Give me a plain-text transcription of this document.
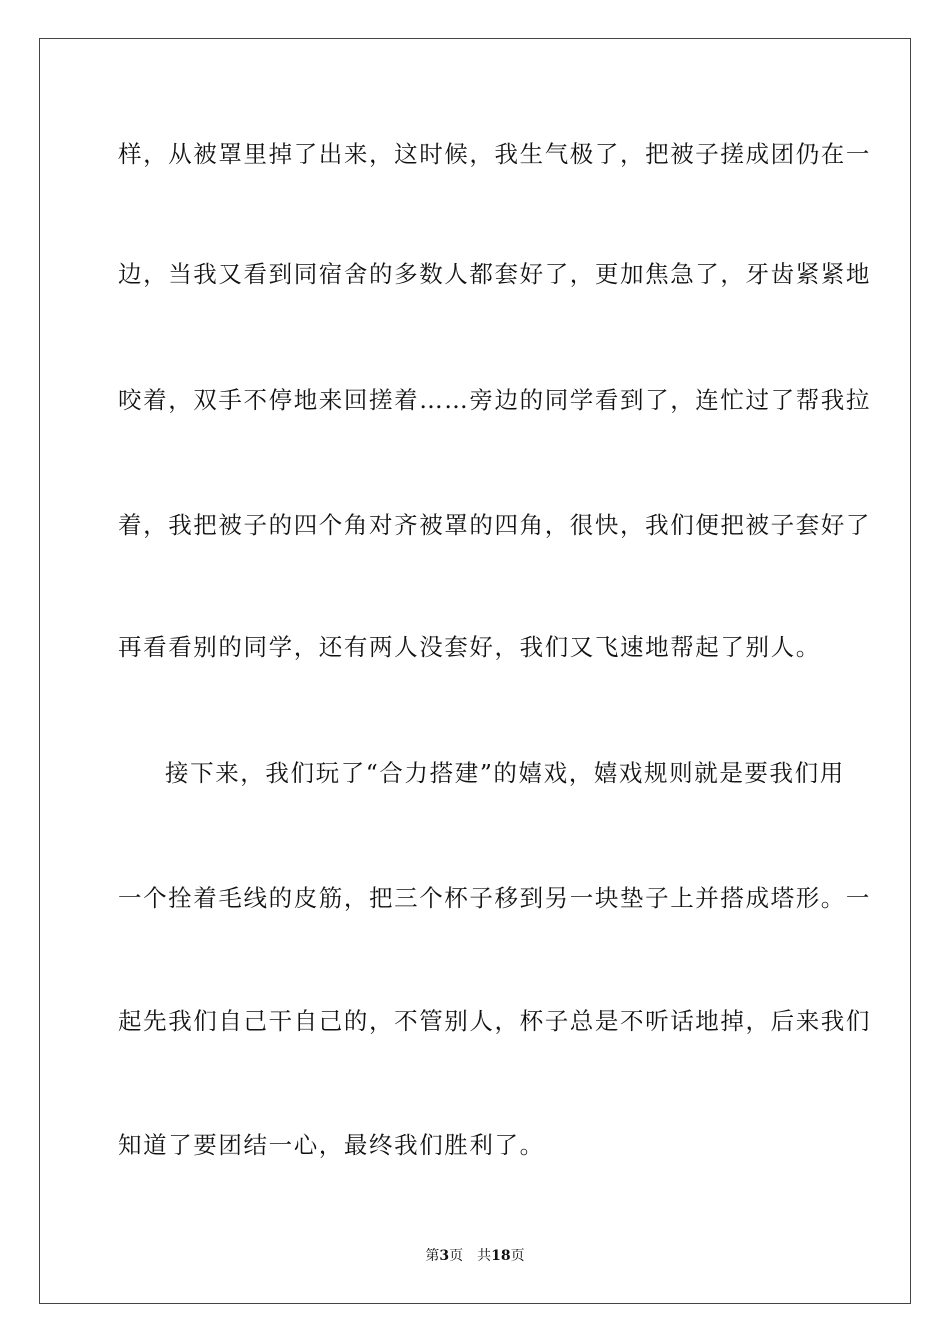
样，从被罩里掉了出来，这时候，我生气极了，把被子搓成团仍在一
边，当我又看到同宿舍的多数人都套好了，更加焦急了，牙齿紧紧地
咬着，双手不停地来回搓着……旁边的同学看到了，连忙过了帮我拉
着，我把被子的四个角对齐被罩的四角，很快，我们便把被子套好了
再看看别的同学，还有两人没套好，我们又飞速地帮起了别人。
接下来，我们玩了“合力搭建”的嬉戏，嬉戏规则就是要我们用
一个拴着毛线的皮筋，把三个杯子移到另一块垫子上并搭成塔形。一
起先我们自己干自己的，不管别人，杯子总是不听话地掉，后来我们
知道了要团结一心，最终我们胜利了。
第3页 共18页
